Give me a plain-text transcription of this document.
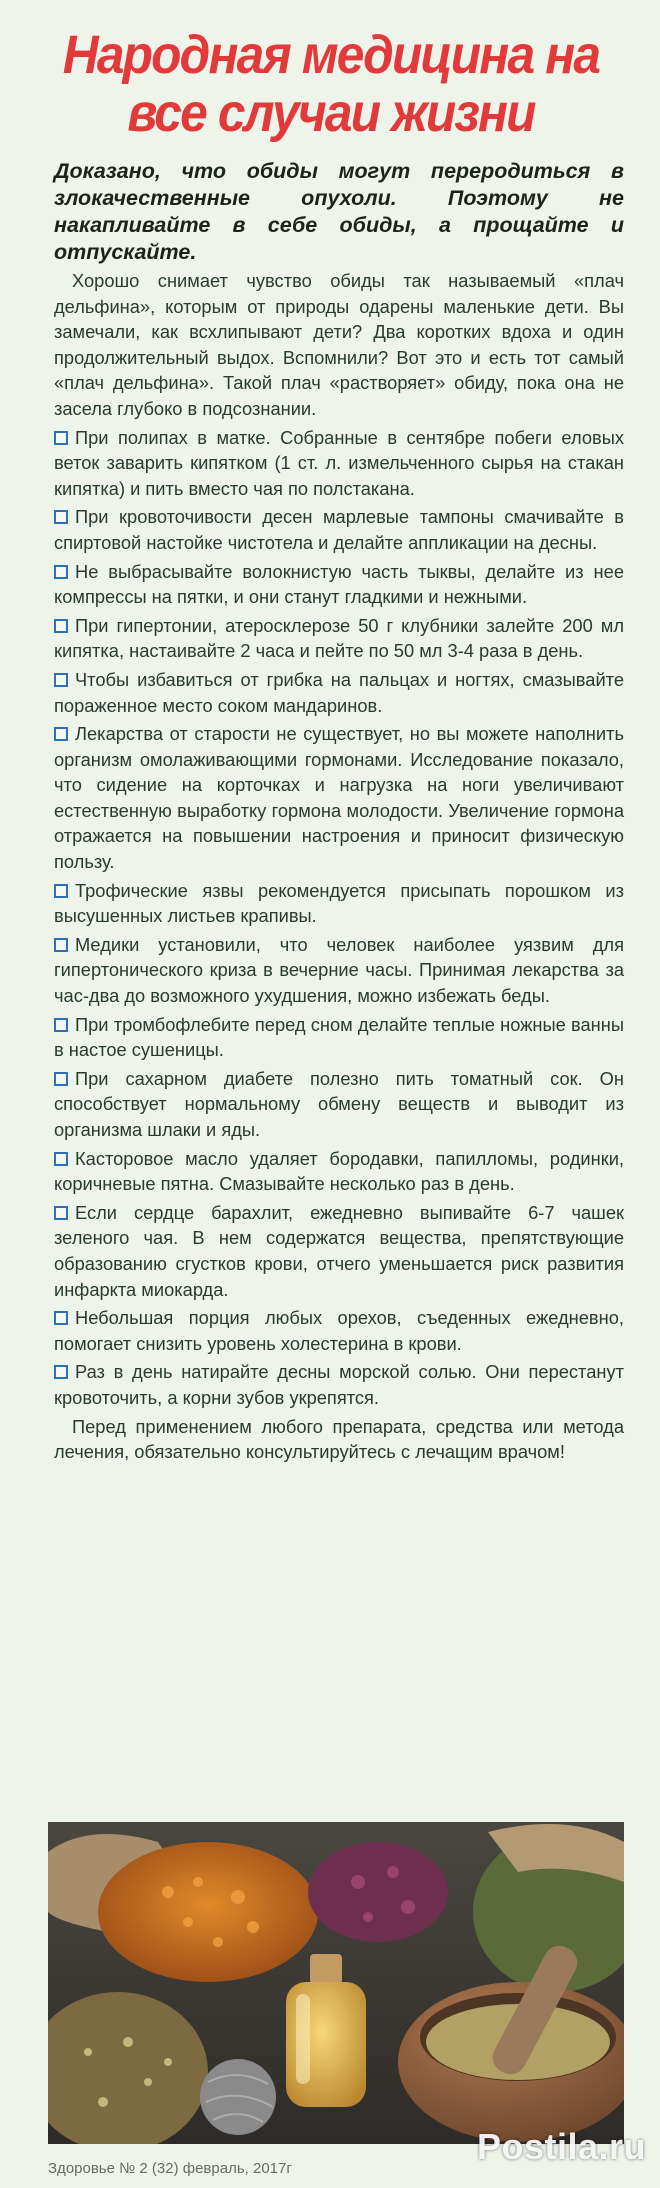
Народная медицина на все случаи жизни

Доказано, что обиды могут переродиться в злокачественные опухоли. Поэтому не накапливайте в себе обиды, а прощайте и отпускайте.

Хорошо снимает чувство обиды так называемый «плач дельфина», которым от природы одарены маленькие дети. Вы замечали, как всхлипывают дети? Два коротких вдоха и один продолжительный выдох. Вспомнили? Вот это и есть тот самый «плач дельфина». Такой плач «растворяет» обиду, пока она не засела глубоко в подсознании.

При полипах в матке. Собранные в сентябре побеги еловых веток заварить кипятком (1 ст. л. измельченного сырья на стакан кипятка) и пить вместо чая по полстакана.

При кровоточивости десен марлевые тампоны смачивайте в спиртовой настойке чистотела и делайте аппликации на десны.

Не выбрасывайте волокнистую часть тыквы, делайте из нее компрессы на пятки, и они станут гладкими и нежными.

При гипертонии, атеросклерозе 50 г клубники залейте 200 мл кипятка, настаивайте 2 часа и пейте по 50 мл 3-4 раза в день.

Чтобы избавиться от грибка на пальцах и ногтях, смазывайте пораженное место соком мандаринов.

Лекарства от старости не существует, но вы можете наполнить организм омолаживающими гормонами. Исследование показало, что сидение на корточках и нагрузка на ноги увеличивают естественную выработку гормона молодости. Увеличение гормона отражается на повышении настроения и приносит физическую пользу.

Трофические язвы рекомендуется присыпать порошком из высушенных листьев крапивы.

Медики установили, что человек наиболее уязвим для гипертонического криза в вечерние часы. Принимая лекарства за час-два до возможного ухудшения, можно избежать беды.

При тромбофлебите перед сном делайте теплые ножные ванны в настое сушеницы.

При сахарном диабете полезно пить томатный сок. Он способствует нормальному обмену веществ и выводит из организма шлаки и яды.

Касторовое масло удаляет бородавки, папилломы, родинки, коричневые пятна. Смазывайте несколько раз в день.

Если сердце барахлит, ежедневно выпивайте 6-7 чашек зеленого чая. В нем содержатся вещества, препятствующие образованию сгустков крови, отчего уменьшается риск развития инфаркта миокарда.

Небольшая порция любых орехов, съеденных ежедневно, помогает снизить уровень холестерина в крови.

Раз в день натирайте десны морской солью. Они перестанут кровоточить, а корни зубов укрепятся.

Перед применением любого препарата, средства или метода лечения, обязательно консультируйтесь с лечащим врачом!

Здоровье № 2 (32) февраль, 2017г
Postila.ru
